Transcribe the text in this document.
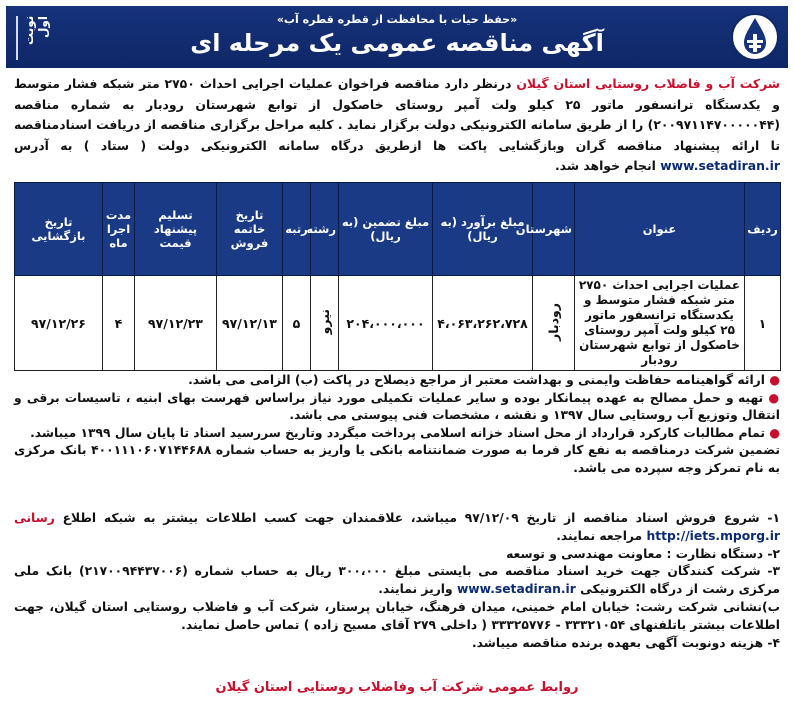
«حفظ حیات با محافظت از قطره قطره آب»
آگهی مناقصه عمومی یک مرحله ای
نوبت اول
شرکت آب و فاضلاب روستایی استان گیلان درنظر دارد مناقصه فراخوان عملیات اجرایی احداث ۲۷۵۰ متر شبکه فشار متوسط و یکدستگاه ترانسفور ماتور ۲۵ کیلو ولت آمپر روستای خاصکول از توابع شهرستان رودبار به شماره مناقصه (۲۰۰۹۷۱۱۴۷۰۰۰۰۰۴۴) را از طریق سامانه الکترونیکی دولت برگزار نماید . کلیه مراحل برگزاری مناقصه از دریافت اسنادمناقصه تا ارائه پیشنهاد مناقصه گران وبازگشایی پاکت ها ازطریق درگاه سامانه الکترونیکی دولت ( ستاد ) به آدرس www.setadiran.ir انجام خواهد شد.
ردیف	عنوان	شهرستان	مبلغ برآورد (به ریال)	مبلغ تضمین (به ریال)	رشته	رتبه	تاریخ خاتمه فروش	تسلیم پیشنهاد قیمت	مدت اجرا ماه	تاریخ بازگشایی
۱	عملیات اجرایی احداث ۲۷۵۰ متر شبکه فشار متوسط و یکدستگاه ترانسفور ماتور ۲۵ کیلو ولت آمپر روستای خاصکول از توابع شهرستان رودبار	رودبار	۴،۰۶۳،۲۶۲،۷۲۸	۲۰۴،۰۰۰،۰۰۰	نیرو	۵	۹۷/۱۲/۱۳	۹۷/۱۲/۲۳	۴	۹۷/۱۲/۲۶

● ارائه گواهینامه حفاظت وایمنی و بهداشت معتبر از مراجع ذیصلاح در پاکت (ب) الزامی می باشد.

● تهیه و حمل مصالح به عهده پیمانکار بوده و سایر عملیات تکمیلی مورد نیاز براساس فهرست بهای ابنیه ، تاسیسات برقی و انتقال وتوزیع آب روستایی سال ۱۳۹۷ و نقشه ، مشخصات فنی پیوستی می باشد.

● تمام مطالبات کارکرد قرارداد از محل اسناد خزانه اسلامی پرداخت میگردد وتاریخ سررسید اسناد تا پایان سال ۱۳۹۹ میباشد.

تضمین شرکت درمناقصه به نفع کار فرما به صورت ضمانتنامه بانکی یا واریز به حساب شماره ۴۰۰۱۱۱۰۶۰۷۱۴۴۶۸۸ بانک مرکزی به نام تمرکز وجه سپرده می باشد.

۱- شروع فروش اسناد مناقصه از تاریخ ۹۷/۱۲/۰۹ میباشد، علاقمندان جهت کسب اطلاعات بیشتر به شبکه اطلاع رسانی http://iets.mporg.ir مراجعه نمایند.

۲- دستگاه نظارت : معاونت مهندسی و توسعه

۳- شرکت کنندگان جهت خرید اسناد مناقصه می بایستی مبلغ ۳۰۰،۰۰۰ ریال به حساب شماره (۲۱۷۰۰۹۴۴۳۷۰۰۶) بانک ملی مرکزی رشت از درگاه الکترونیکی www.setadiran.ir واریز نمایند.

ب)نشانی شرکت رشت: خیابان امام خمینی، میدان فرهنگ، خیابان پرستار، شرکت آب و فاضلاب روستایی استان گیلان، جهت اطلاعات بیشتر باتلفنهای ۳۳۳۲۱۰۵۴ - ۳۳۳۲۵۷۷۶ ( داخلی ۲۷۹ آقای مسیح زاده ) تماس حاصل نمایند.

۴- هزینه دونوبت آگهی بعهده برنده مناقصه میباشد.

روابط عمومی شرکت آب وفاضلاب روستایی استان گیلان
